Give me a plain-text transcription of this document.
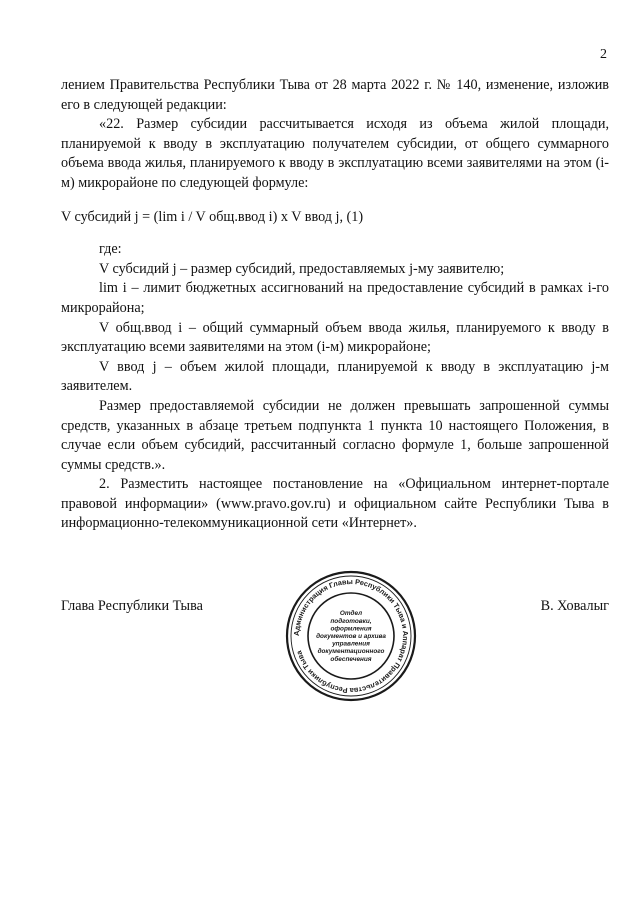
2

лением Правительства Республики Тыва от 28 марта 2022 г. № 140, изменение, изложив его в следующей редакции:

«22. Размер субсидии рассчитывается исходя из объема жилой площади, планируемой к вводу в эксплуатацию получателем субсидии, от общего суммарного объема ввода жилья, планируемого к вводу в эксплуатацию всеми заявителями на этом (i-м) микрорайоне по следующей формуле:

V субсидий j = (lim i / V общ.ввод i) x V ввод j, (1)

где:

V субсидий j – размер субсидий, предоставляемых j-му заявителю;

lim i – лимит бюджетных ассигнований на предоставление субсидий в рамках i-го микрорайона;

V общ.ввод i – общий суммарный объем ввода жилья, планируемого к вводу в эксплуатацию всеми заявителями на этом (i-м) микрорайоне;

V ввод j – объем жилой площади, планируемой к вводу в эксплуатацию j-м заявителем.

Размер предоставляемой субсидии не должен превышать запрошенной суммы средств, указанных в абзаце третьем подпункта 1 пункта 10 настоящего Положения, в случае если объем субсидий, рассчитанный согласно формуле 1, больше запрошенной суммы средств.».

2. Разместить настоящее постановление на «Официальном интернет-портале правовой информации» (www.pravo.gov.ru) и официальном сайте Республики Тыва в информационно-телекоммуникационной сети «Интернет».

Глава Республики Тыва	В. Ховалыг
Администрация Главы Республики Тыва и Аппарат Правительства Республики Тыва
Отдел
подготовки,
оформления
документов и архива
управления
документационного
обеспечения
